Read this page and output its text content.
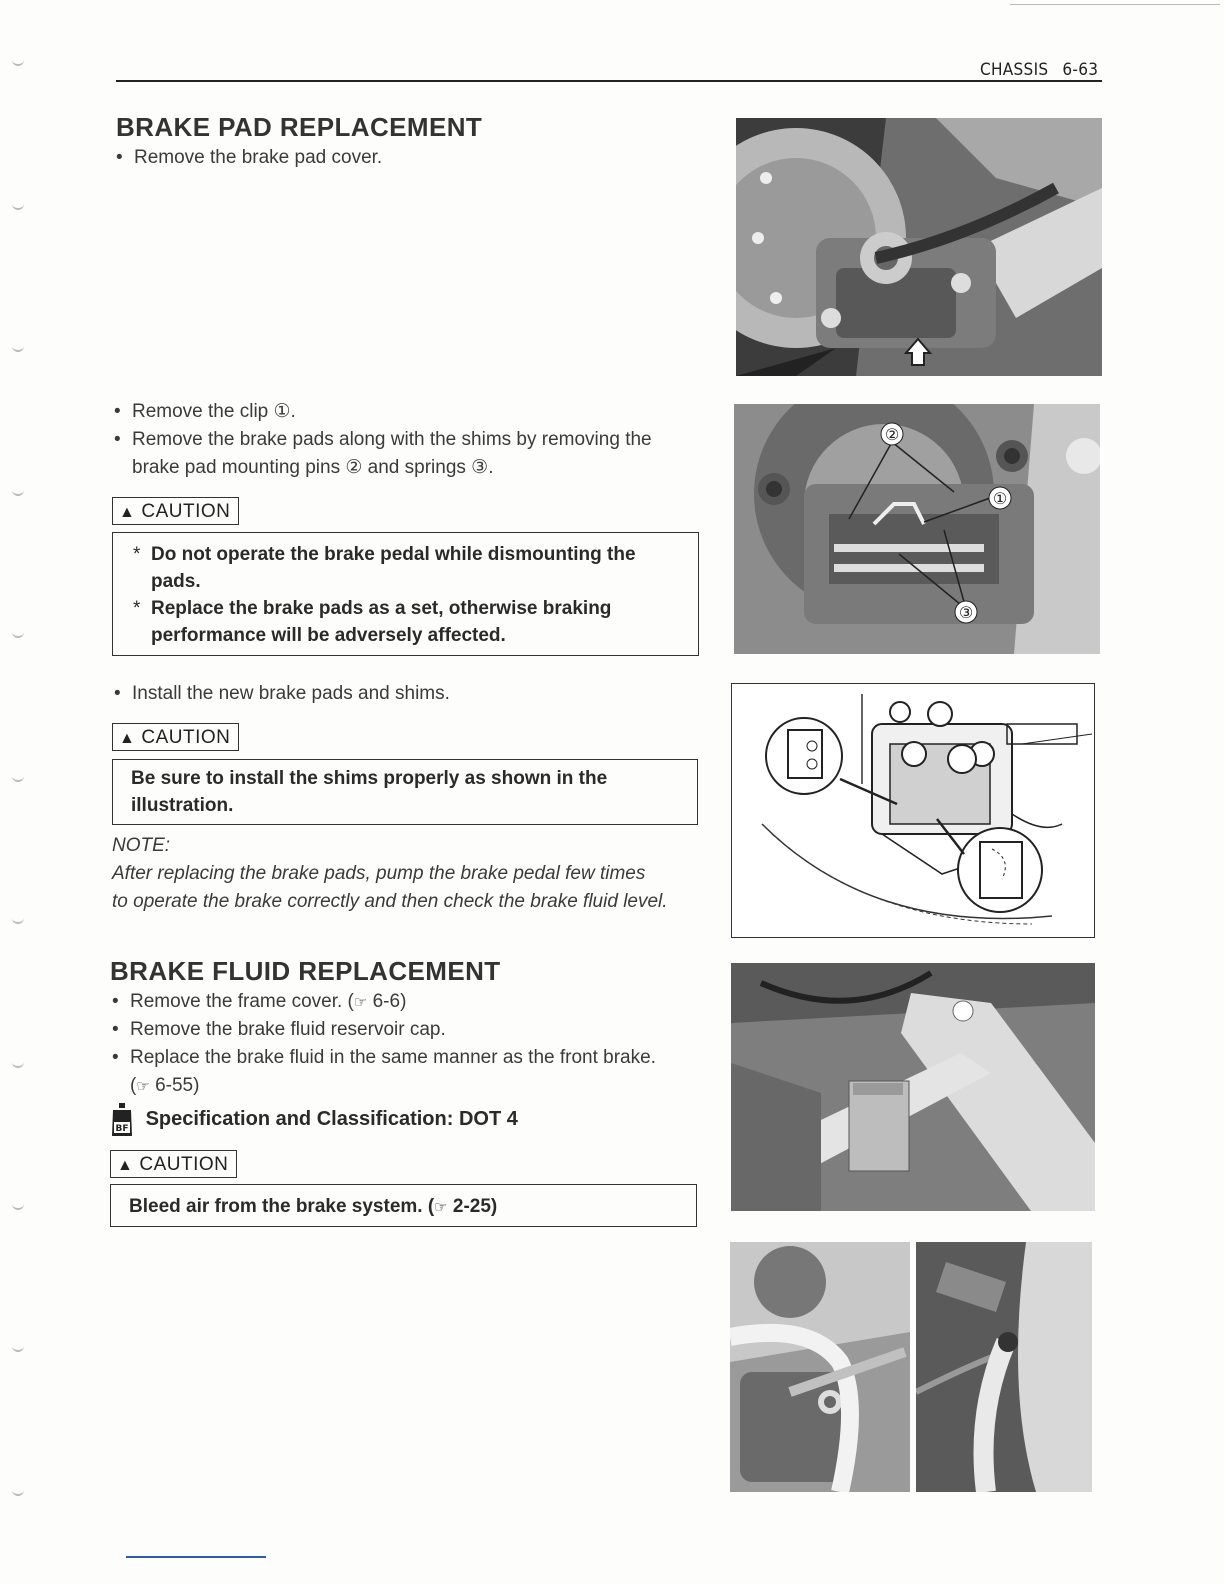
CHASSIS 6-63
BRAKE PAD REPLACEMENT
• Remove the brake pad cover.
• Remove the clip ①.
• Remove the brake pads along with the shims by removing the
brake pad mounting pins ② and springs ③.
▲ CAUTION
* Do not operate the brake pedal while dismounting the
pads.
* Replace the brake pads as a set, otherwise braking
performance will be adversely affected.
• Install the new brake pads and shims.
▲ CAUTION
Be sure to install the shims properly as shown in the
illustration.
NOTE:
After replacing the brake pads, pump the brake pedal few times
to operate the brake correctly and then check the brake fluid level.
BRAKE FLUID REPLACEMENT
• Remove the frame cover. (☞ 6-6)
• Remove the brake fluid reservoir cap.
• Replace the brake fluid in the same manner as the front brake.
(☞ 6-55)
BF Specification and Classification: DOT 4
▲ CAUTION
Bleed air from the brake system. (☞ 2-25)
②
①
③
